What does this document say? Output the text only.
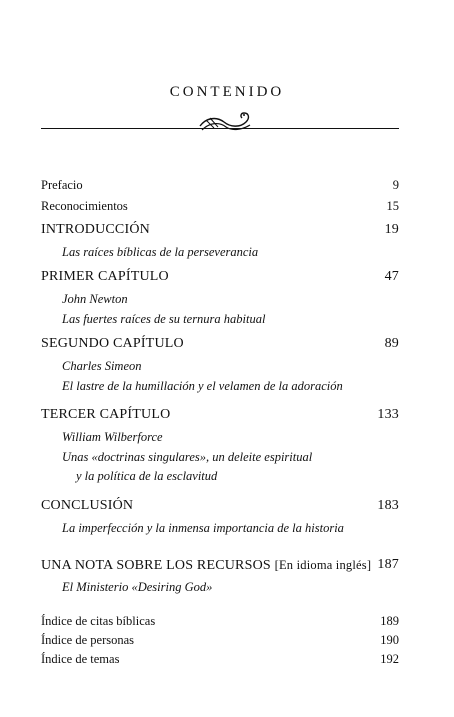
CONTENIDO
Prefacio	9
Reconocimientos	15
INTRODUCCIÓN	19
Las raíces bíblicas de la perseverancia
PRIMER CAPÍTULO	47
John Newton
Las fuertes raíces de su ternura habitual
SEGUNDO CAPÍTULO	89
Charles Simeon
El lastre de la humillación y el velamen de la adoración
TERCER CAPÍTULO	133
William Wilberforce
Unas «doctrinas singulares», un deleite espiritual
y la política de la esclavitud
CONCLUSIÓN	183
La imperfección y la inmensa importancia de la historia
UNA NOTA SOBRE LOS RECURSOS [En idioma inglés] 187
El Ministerio «Desiring God»
Índice de citas bíblicas	189
Índice de personas	190
Índice de temas	192
